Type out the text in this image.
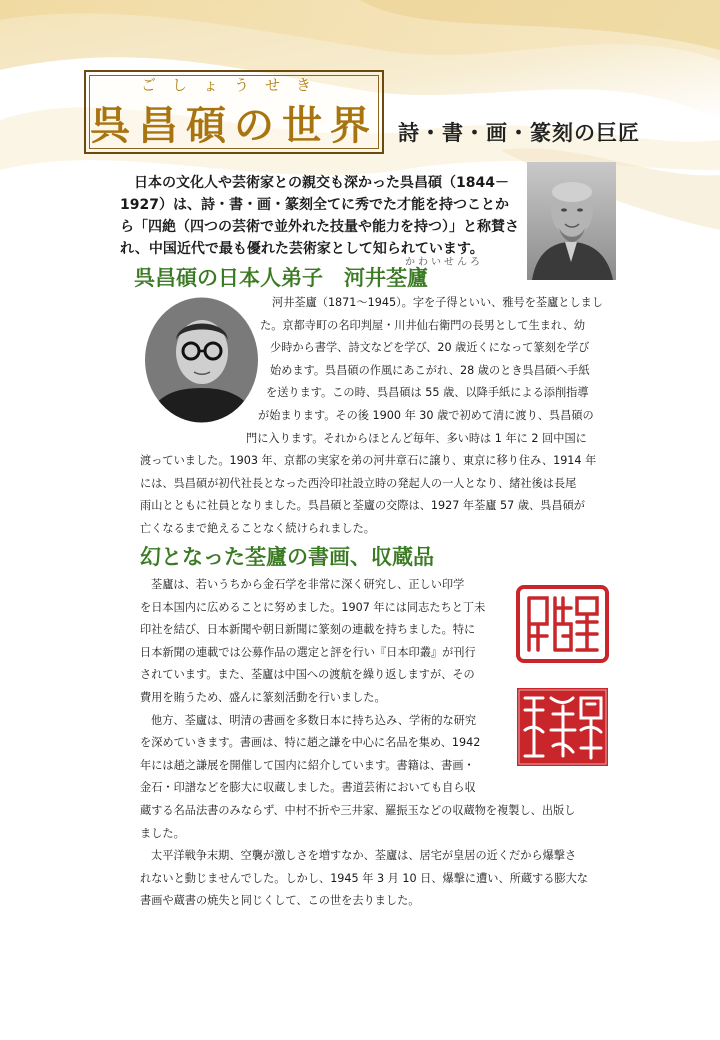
ごしょうせき
呉昌碩の世界 詩・書・画・篆刻の巨匠
日本の文化人や芸術家との親交も深かった呉昌碩（1844－
1927）は、詩・書・画・篆刻全てに秀でた才能を持つことか
ら「四絶（四つの芸術で並外れた技量や能力を持つ）」と称賛さ
れ、中国近代で最も優れた芸術家として知られています。
呉昌碩の日本人弟子　河井荃廬
かわいせんろ
河井荃廬（1871～1945）。字を子得といい、雅号を荃廬としまし
た。京都寺町の名印判屋・川井仙右衛門の長男として生まれ、幼
少時から書学、詩文などを学び、20 歳近くになって篆刻を学び
始めます。呉昌碩の作風にあこがれ、28 歳のとき呉昌碩へ手紙
を送ります。この時、呉昌碩は 55 歳、以降手紙による添削指導
が始まります。その後 1900 年 30 歳で初めて清に渡り、呉昌碩の
門に入ります。それからほとんど毎年、多い時は 1 年に 2 回中国に
渡っていました。1903 年、京都の実家を弟の河井章石に譲り、東京に移り住み、1914 年
には、呉昌碩が初代社長となった西泠印社設立時の発起人の一人となり、緒社後は長尾
雨山とともに社員となりました。呉昌碩と荃廬の交際は、1927 年荃廬 57 歳、呉昌碩が
亡くなるまで絶えることなく続けられました。
幻となった荃廬の書画、収蔵品
荃廬は、若いうちから金石学を非常に深く研究し、正しい印学
を日本国内に広めることに努めました。1907 年には同志たちと丁未
印社を結び、日本新聞や朝日新聞に篆刻の連載を持ちました。特に
日本新聞の連載では公募作品の選定と評を行い『日本印叢』が刊行
されています。また、荃廬は中国への渡航を繰り返しますが、その
費用を賄うため、盛んに篆刻活動を行いました。
他方、荃廬は、明清の書画を多数日本に持ち込み、学術的な研究
を深めていきます。書画は、特に趙之謙を中心に名品を集め、1942
年には趙之謙展を開催して国内に紹介しています。書籍は、書画・
金石・印譜などを膨大に収蔵しました。書道芸術においても自ら収
蔵する名品法書のみならず、中村不折や三井家、羅振玉などの収蔵物を複製し、出版し
ました。
太平洋戦争末期、空襲が激しさを増すなか、荃廬は、居宅が皇居の近くだから爆撃さ
れないと動じませんでした。しかし、1945 年 3 月 10 日、爆撃に遭い、所蔵する膨大な
書画や蔵書の焼失と同じくして、この世を去りました。
